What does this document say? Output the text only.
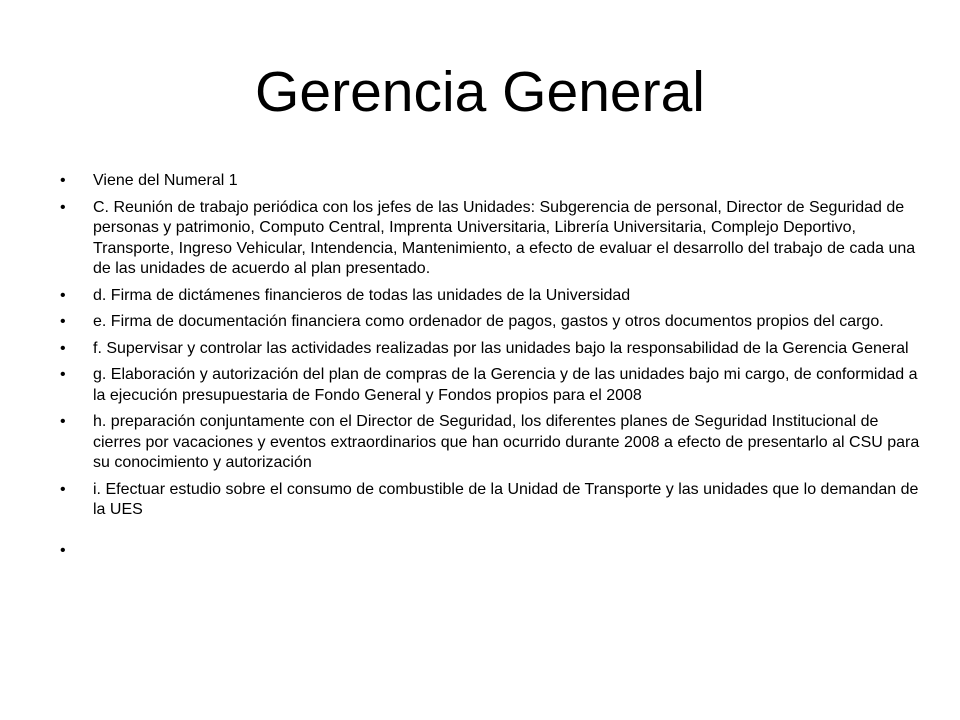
Gerencia General
•	Viene del Numeral 1
•	C. Reunión de trabajo periódica con los jefes de las Unidades: Subgerencia de personal, Director de Seguridad de personas y patrimonio, Computo Central, Imprenta Universitaria, Librería Universitaria, Complejo Deportivo, Transporte, Ingreso Vehicular, Intendencia, Mantenimiento, a efecto de evaluar el desarrollo del trabajo de cada una de las unidades de acuerdo al plan presentado.
•	d. Firma de dictámenes financieros de todas las unidades de la Universidad
•	e. Firma de documentación financiera como ordenador de pagos, gastos y otros documentos propios del cargo.
•	f. Supervisar y controlar las actividades realizadas por las unidades bajo la responsabilidad de la Gerencia General
•	g. Elaboración y autorización del plan de compras de la Gerencia y de las unidades bajo mi cargo, de conformidad a la ejecución presupuestaria de Fondo General y Fondos propios para el 2008
•	h. preparación conjuntamente con el Director de Seguridad, los diferentes planes de Seguridad Institucional de cierres por vacaciones y eventos extraordinarios que han ocurrido durante 2008 a efecto de presentarlo al CSU para su conocimiento y autorización
•	i. Efectuar estudio sobre el consumo de combustible de la Unidad de Transporte y las unidades que lo demandan de la UES
•
